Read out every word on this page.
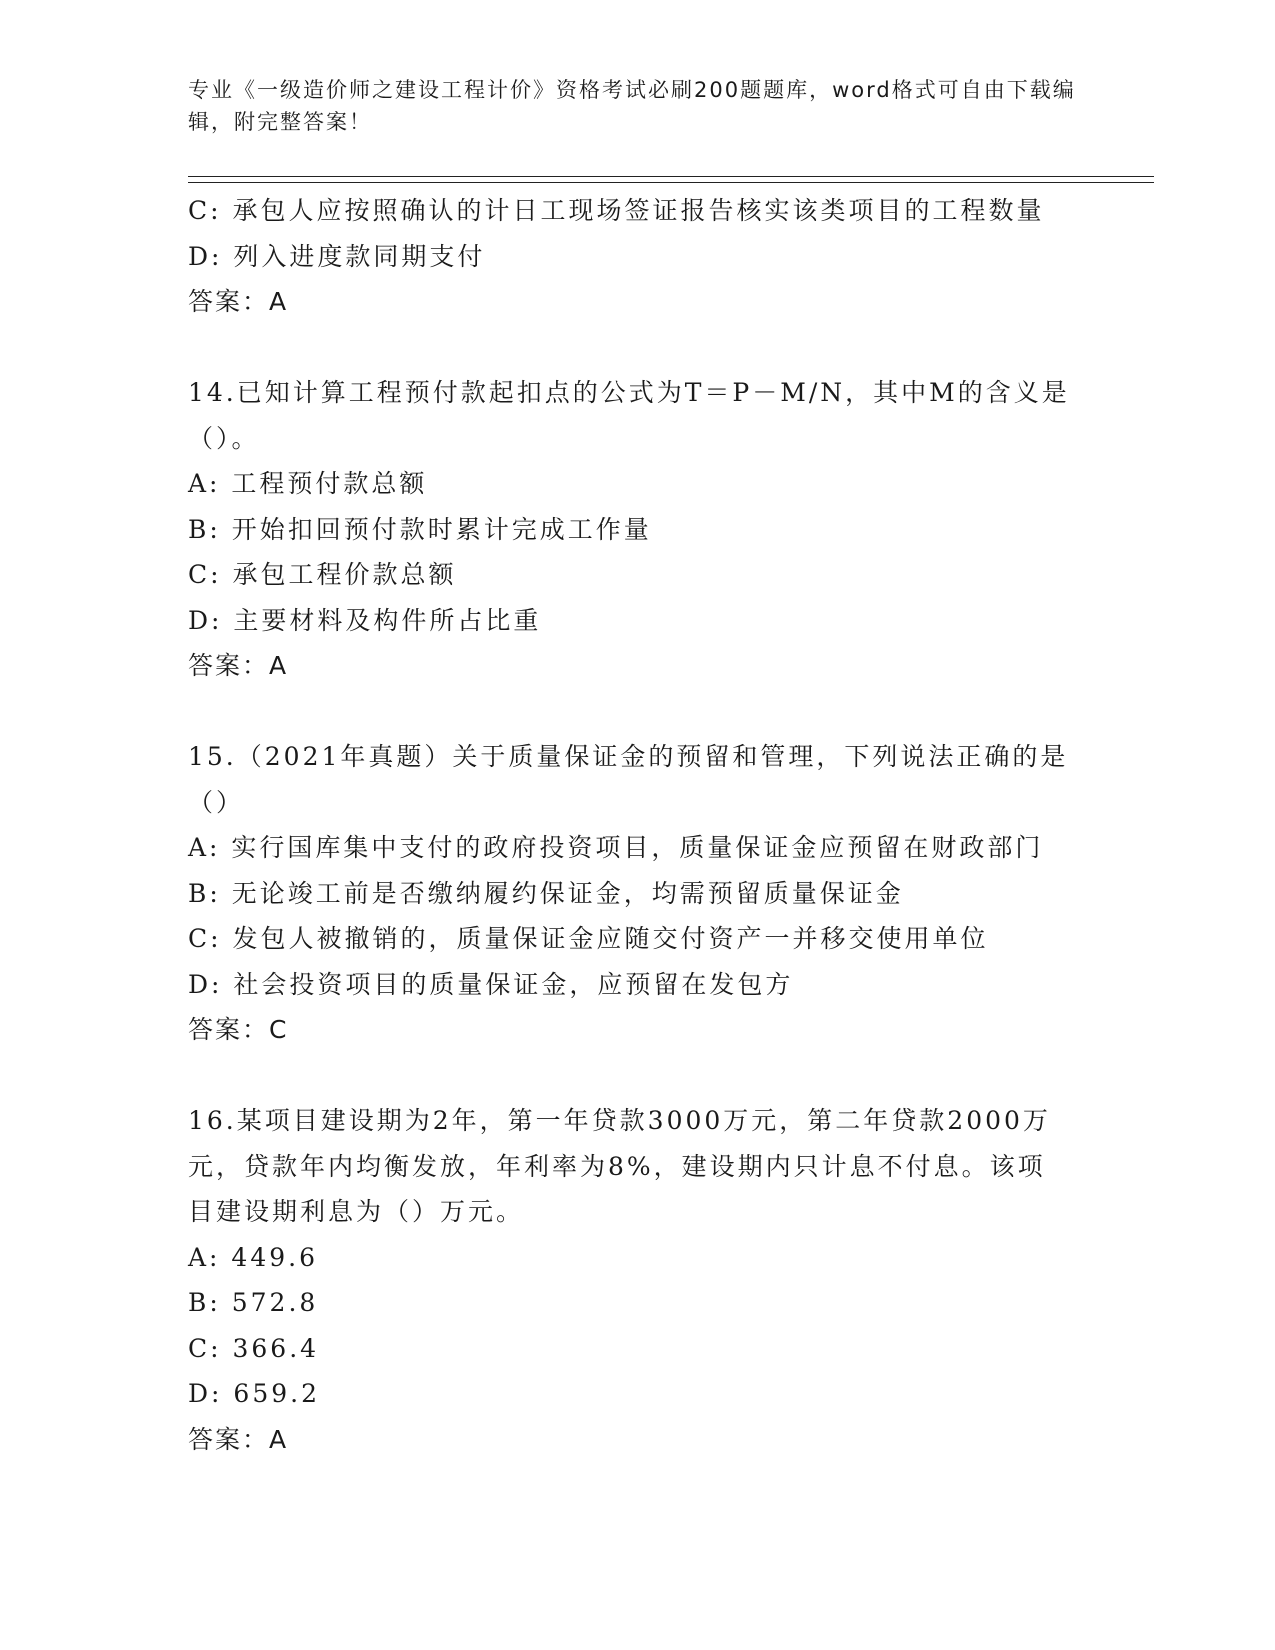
专业《一级造价师之建设工程计价》资格考试必刷200题题库，word格式可自由下载编辑，附完整答案！
C: 承包人应按照确认的计日工现场签证报告核实该类项目的工程数量
D: 列入进度款同期支付
答案：A
14.已知计算工程预付款起扣点的公式为T＝P－M/N，其中M的含义是
（）。
A: 工程预付款总额
B: 开始扣回预付款时累计完成工作量
C: 承包工程价款总额
D: 主要材料及构件所占比重
答案：A
15.（2021年真题）关于质量保证金的预留和管理，下列说法正确的是
（）
A: 实行国库集中支付的政府投资项目，质量保证金应预留在财政部门
B: 无论竣工前是否缴纳履约保证金，均需预留质量保证金
C: 发包人被撤销的，质量保证金应随交付资产一并移交使用单位
D: 社会投资项目的质量保证金，应预留在发包方
答案：C
16.某项目建设期为2年，第一年贷款3000万元，第二年贷款2000万
元，贷款年内均衡发放，年利率为8%，建设期内只计息不付息。该项
目建设期利息为（）万元。
A: 449.6
B: 572.8
C: 366.4
D: 659.2
答案：A
